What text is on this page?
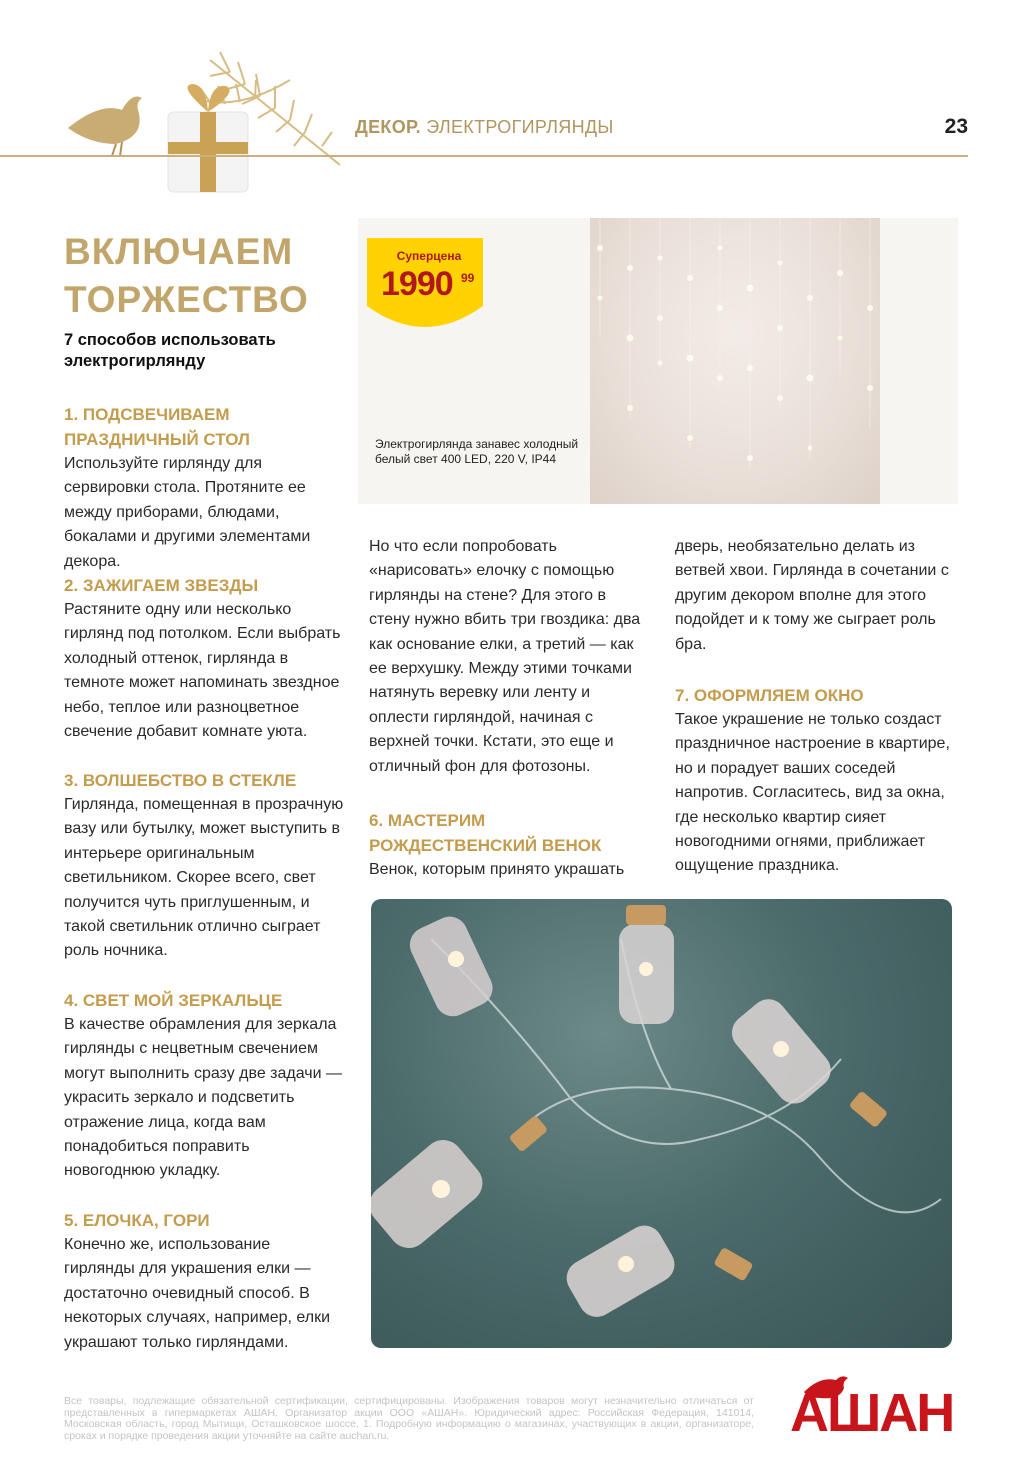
ДЕКОР. ЭЛЕКТРОГИРЛЯНДЫ	23
ВКЛЮЧАЕМ
ТОРЖЕСТВО
7 способов использовать электрогирлянду
1. ПОДСВЕЧИВАЕМ ПРАЗДНИЧНЫЙ СТОЛ
Используйте гирлянду для сервировки стола. Протяните ее между приборами, блюдами, бокалами и другими элементами декора.
2. ЗАЖИГАЕМ ЗВЕЗДЫ
Растяните одну или несколько гирлянд под потолком. Если выбрать холодный оттенок, гирлянда в темноте может напоминать звездное небо, теплое или разноцветное свечение добавит комнате уюта.
3. ВОЛШЕБСТВО В СТЕКЛЕ
Гирлянда, помещенная в прозрачную вазу или бутылку, может выступить в интерьере оригинальным светильником. Скорее всего, свет получится чуть приглушенным, и такой светильник отлично сыграет роль ночника.
4. СВЕТ МОЙ ЗЕРКАЛЬЦЕ
В качестве обрамления для зеркала гирлянды с нецветным свечением могут выполнить сразу две задачи — украсить зеркало и подсветить отражение лица, когда вам понадобиться поправить новогоднюю укладку.
5. ЕЛОЧКА, ГОРИ
Конечно же, использование гирлянды для украшения елки — достаточно очевидный способ. В некоторых случаях, например, елки украшают только гирляндами.
Суперцена
1990 99
Электрогирлянда занавес холодный белый свет 400 LED, 220 V, IP44
Но что если попробовать «нарисовать» елочку с помощью гирлянды на стене? Для этого в стену нужно вбить три гвоздика: два как основание елки, а третий — как ее верхушку. Между этими точками натянуть веревку или ленту и оплести гирляндой, начиная с верхней точки. Кстати, это еще и отличный фон для фотозоны.
6. МАСТЕРИМ РОЖДЕСТВЕНСКИЙ ВЕНОК
Венок, которым принято украшать
дверь, необязательно делать из ветвей хвои. Гирлянда в сочетании с другим декором вполне для этого подойдет и к тому же сыграет роль бра.
7. ОФОРМЛЯЕМ ОКНО
Такое украшение не только создаст праздничное настроение в квартире, но и порадует ваших соседей напротив. Согласитесь, вид за окна, где несколько квартир сияет новогодними огнями, приближает ощущение праздника.
Все товары, подлежащие обязательной сертификации, сертифицированы. Изображения товаров могут незначительно отличаться от представленных в гипермаркетах АШАН. Организатор акции ООО «АШАН». Юридический адрес: Российская Федерация, 141014, Московская область, город Мытищи, Осташковское шоссе, 1. Подробную информацию о магазинах, участвующих в акции, организаторе, сроках и порядке проведения акции уточняйте на сайте auchan.ru.	АШАН
